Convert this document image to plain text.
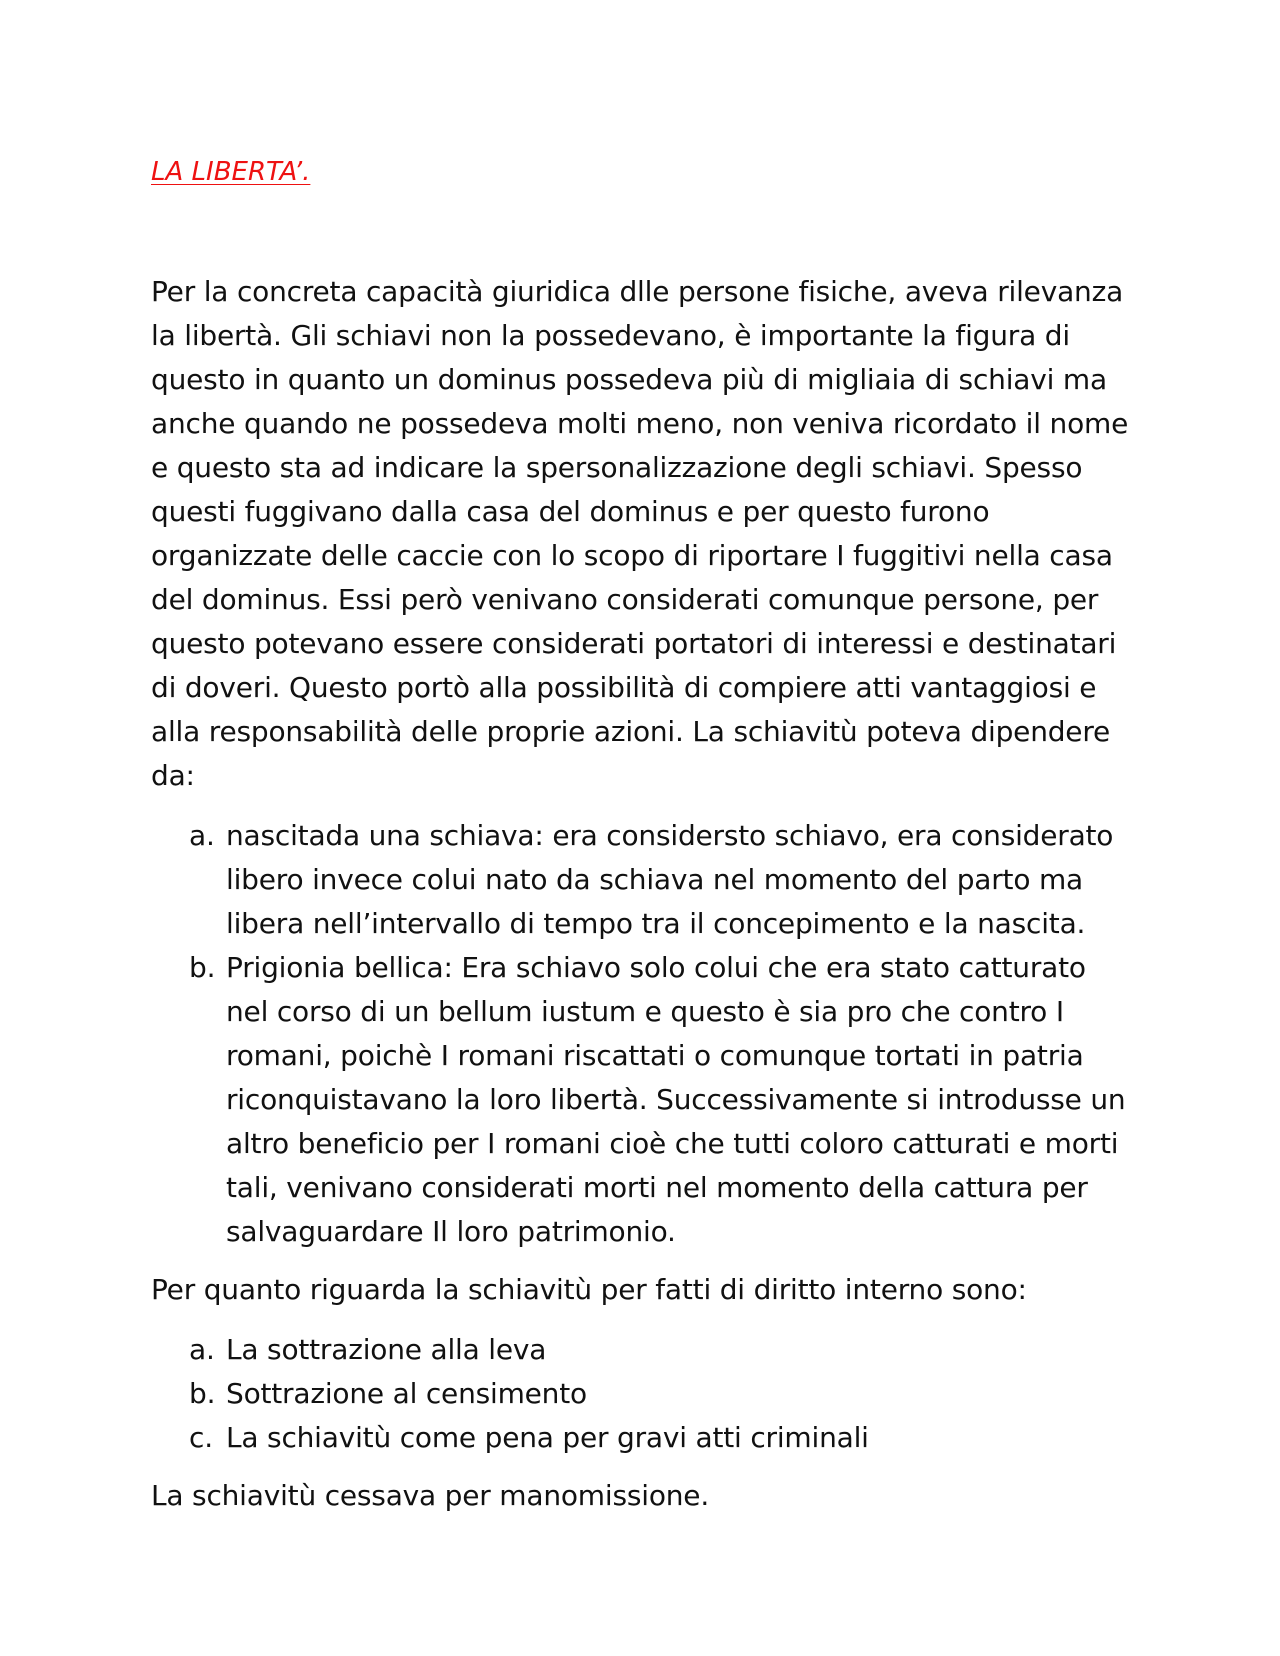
LA LIBERTA’.

Per la concreta capacità giuridica dlle persone fisiche, aveva rilevanza la libertà. Gli schiavi non la possedevano, è importante la figura di questo in quanto un dominus possedeva più di migliaia di schiavi ma anche quando ne possedeva molti meno, non veniva ricordato il nome e questo sta ad indicare la spersonalizzazione degli schiavi. Spesso questi fuggivano dalla casa del dominus e per questo furono organizzate delle caccie con lo scopo di riportare I fuggitivi nella casa del dominus. Essi però venivano considerati comunque persone, per questo potevano essere considerati portatori di interessi e destinatari di doveri. Questo portò alla possibilità di compiere atti vantaggiosi e alla responsabilità delle proprie azioni. La schiavitù poteva dipendere da:

a. nascitada una schiava: era considersto schiavo, era considerato libero invece colui nato da schiava nel momento del parto ma libera nell’intervallo di tempo tra il concepimento e la nascita.
b. Prigionia bellica: Era schiavo solo colui che era stato catturato nel corso di un bellum iustum e questo è sia pro che contro I romani, poichè I romani riscattati o comunque tortati in patria riconquistavano la loro libertà. Successivamente si introdusse un altro beneficio per I romani cioè che tutti coloro catturati e morti tali, venivano considerati morti nel momento della cattura per salvaguardare Il loro patrimonio.

Per quanto riguarda la schiavitù per fatti di diritto interno sono:

a. La sottrazione alla leva
b. Sottrazione al censimento
c. La schiavitù come pena per gravi atti criminali

La schiavitù cessava per manomissione.
